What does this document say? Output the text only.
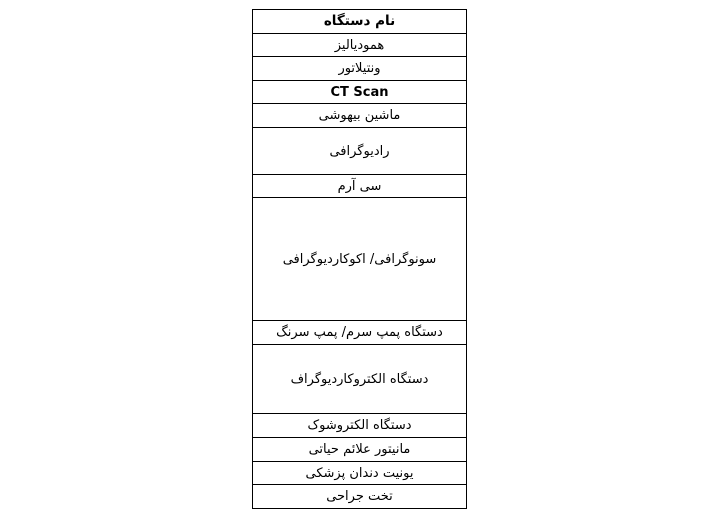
نام دستگاه
همودیالیز
ونتیلاتور
CT Scan
ماشین بیهوشی
رادیوگرافی
سی آرم
سونوگرافی/ اکوکاردیوگرافی
دستگاه پمپ سرم/ پمپ سرنگ
دستگاه الکتروکاردیوگراف
دستگاه الکتروشوک
مانیتور علائم حیاتی
یونیت دندان پزشکی
تخت جراحی
